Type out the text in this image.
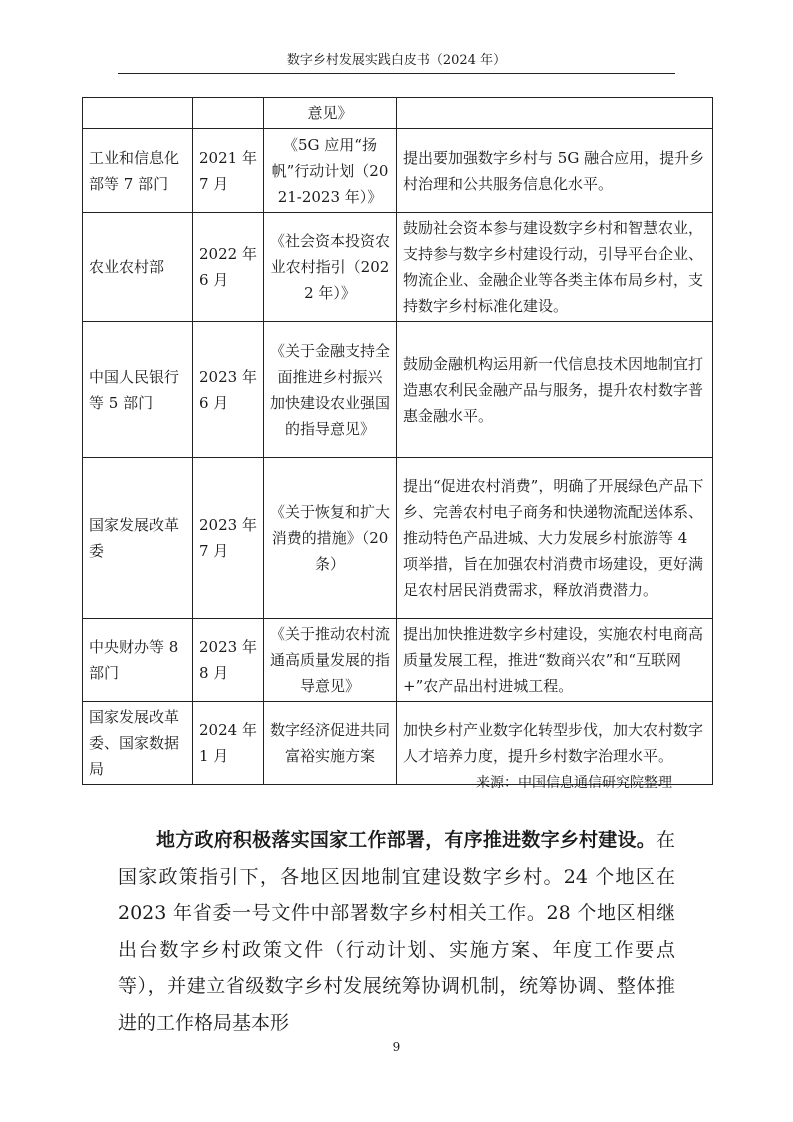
数字乡村发展实践白皮书（2024 年）
		意见》	
工业和信息化部等 7 部门	2021 年 7 月	《5G 应用“扬帆”行动计划（2021-2023 年）》	提出要加强数字乡村与 5G 融合应用，提升乡村治理和公共服务信息化水平。
农业农村部	2022 年 6 月	《社会资本投资农业农村指引（2022 年）》	鼓励社会资本参与建设数字乡村和智慧农业，支持参与数字乡村建设行动，引导平台企业、物流企业、金融企业等各类主体布局乡村，支持数字乡村标准化建设。
中国人民银行等 5 部门	2023 年 6 月	《关于金融支持全面推进乡村振兴 加快建设农业强国的指导意见》	鼓励金融机构运用新一代信息技术因地制宜打造惠农利民金融产品与服务，提升农村数字普惠金融水平。
国家发展改革委	2023 年 7 月	《关于恢复和扩大消费的措施》（20 条）	提出“促进农村消费”，明确了开展绿色产品下乡、完善农村电子商务和快递物流配送体系、推动特色产品进城、大力发展乡村旅游等 4 项举措，旨在加强农村消费市场建设，更好满足农村居民消费需求，释放消费潜力。
中央财办等 8 部门	2023 年 8 月	《关于推动农村流通高质量发展的指导意见》	提出加快推进数字乡村建设，实施农村电商高质量发展工程，推进“数商兴农”和“互联网+”农产品出村进城工程。
国家发展改革委、国家数据局	2024 年 1 月	数字经济促进共同富裕实施方案	加快乡村产业数字化转型步伐，加大农村数字人才培养力度，提升乡村数字治理水平。
来源：中国信息通信研究院整理

地方政府积极落实国家工作部署，有序推进数字乡村建设。在国家政策指引下，各地区因地制宜建设数字乡村。24 个地区在 2023 年省委一号文件中部署数字乡村相关工作。28 个地区相继出台数字乡村政策文件（行动计划、实施方案、年度工作要点等），并建立省级数字乡村发展统筹协调机制，统筹协调、整体推进的工作格局基本形

9
